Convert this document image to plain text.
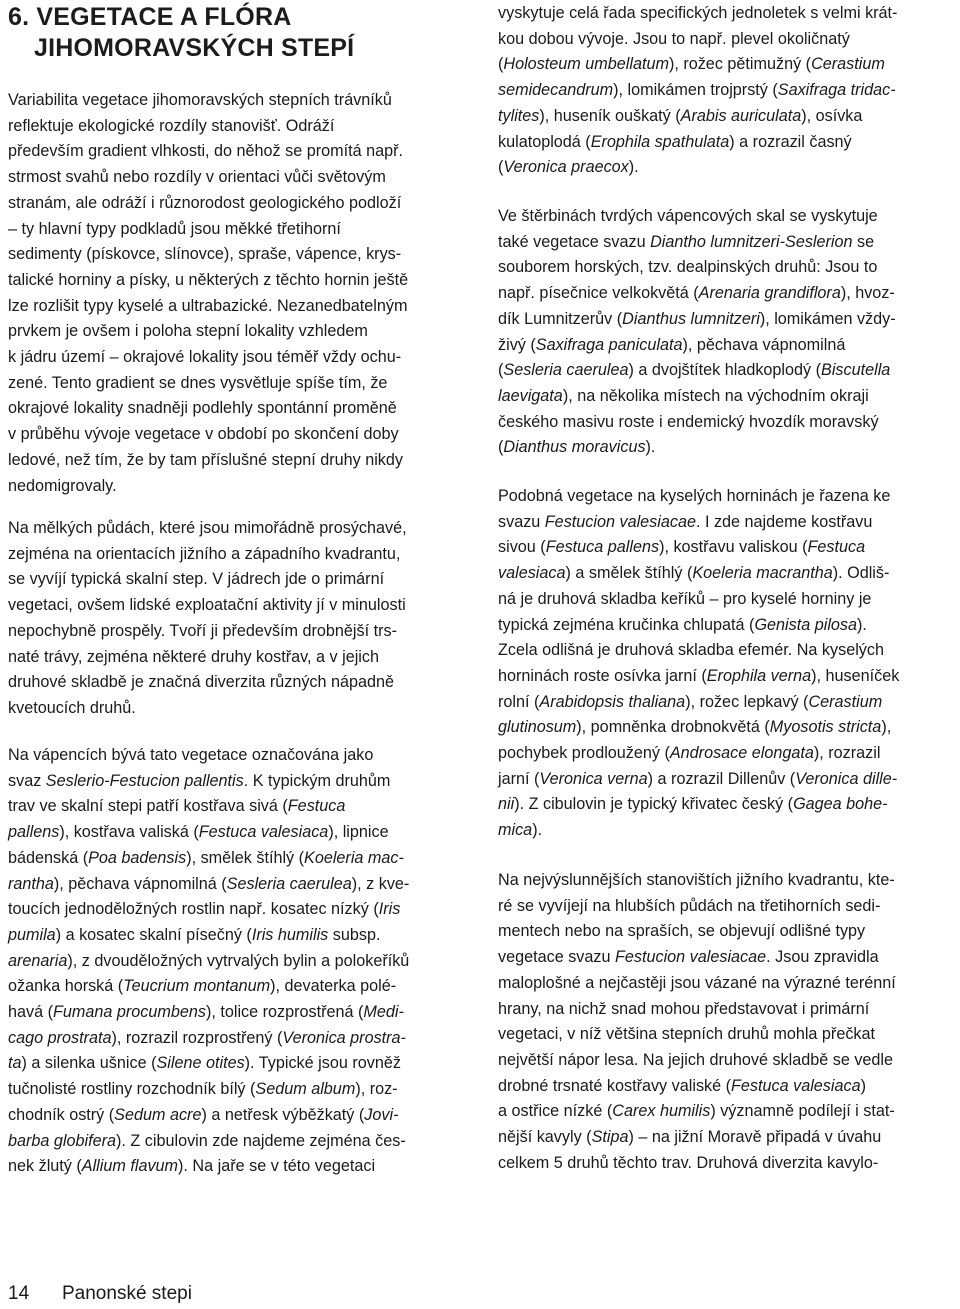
6. VEGETACE A FLÓRA
JIHOMORAVSKÝCH STEPÍ

Variabilita vegetace jihomoravských stepních trávníků
reflektuje ekologické rozdíly stanovišť. Odráží
především gradient vlhkosti, do něhož se promítá např.
strmost svahů nebo rozdíly v orientaci vůči světovým
stranám, ale odráží i různorodost geologického podloží
– ty hlavní typy podkladů jsou měkké třetihorní
sedimenty (pískovce, slínovce), spraše, vápence, krys-
talické horniny a písky, u některých z těchto hornin ještě
lze rozlišit typy kyselé a ultrabazické. Nezanedbatelným
prvkem je ovšem i poloha stepní lokality vzhledem
k jádru území – okrajové lokality jsou téměř vždy ochu-
zené. Tento gradient se dnes vysvětluje spíše tím, že
okrajové lokality snadněji podlehly spontánní proměně
v průběhu vývoje vegetace v období po skončení doby
ledové, než tím, že by tam příslušné stepní druhy nikdy
nedomigrovaly.

Na mělkých půdách, které jsou mimořádně prosýchavé,
zejména na orientacích jižního a západního kvadrantu,
se vyvíjí typická skalní step. V jádrech jde o primární
vegetaci, ovšem lidské exploatační aktivity jí v minulosti
nepochybně prospěly. Tvoří ji především drobnější trs-
naté trávy, zejména některé druhy kostřav, a v jejich
druhové skladbě je značná diverzita různých nápadně
kvetoucích druhů.

Na vápencích bývá tato vegetace označována jako
svaz Seslerio-Festucion pallentis. K typickým druhům
trav ve skalní stepi patří kostřava sivá (Festuca
pallens), kostřava valiská (Festuca valesiaca), lipnice
bádenská (Poa badensis), smělek štíhlý (Koeleria mac-
rantha), pěchava vápnomilná (Sesleria caerulea), z kve-
toucích jednoděložných rostlin např. kosatec nízký (Iris
pumila) a kosatec skalní písečný (Iris humilis subsp.
arenaria), z dvouděložných vytrvalých bylin a polokeříků
ožanka horská (Teucrium montanum), devaterka polé-
havá (Fumana procumbens), tolice rozprostřená (Medi-
cago prostrata), rozrazil rozprostřený (Veronica prostra-
ta) a silenka ušnice (Silene otites). Typické jsou rovněž
tučnolisté rostliny rozchodník bílý (Sedum album), roz-
chodník ostrý (Sedum acre) a netřesk výběžkatý (Jovi-
barba globifera). Z cibulovin zde najdeme zejména čes-
nek žlutý (Allium flavum). Na jaře se v této vegetaci

vyskytuje celá řada specifických jednoletek s velmi krát-
kou dobou vývoje. Jsou to např. plevel okoličnatý
(Holosteum umbellatum), rožec pětimužný (Cerastium
semidecandrum), lomikámen trojprstý (Saxifraga tridac-
tylites), huseník ouškatý (Arabis auriculata), osívka
kulatoplodá (Erophila spathulata) a rozrazil časný
(Veronica praecox).

Ve štěrbinách tvrdých vápencových skal se vyskytuje
také vegetace svazu Diantho lumnitzeri-Seslerion se
souborem horských, tzv. dealpinských druhů: Jsou to
např. písečnice velkokvětá (Arenaria grandiflora), hvoz-
dík Lumnitzerův (Dianthus lumnitzeri), lomikámen vždy-
živý (Saxifraga paniculata), pěchava vápnomilná
(Sesleria caerulea) a dvojštítek hladkoplodý (Biscutella
laevigata), na několika místech na východním okraji
českého masivu roste i endemický hvozdík moravský
(Dianthus moravicus).

Podobná vegetace na kyselých horninách je řazena ke
svazu Festucion valesiacae. I zde najdeme kostřavu
sivou (Festuca pallens), kostřavu valiskou (Festuca
valesiaca) a smělek štíhlý (Koeleria macrantha). Odliš-
ná je druhová skladba keříků – pro kyselé horniny je
typická zejména kručinka chlupatá (Genista pilosa).
Zcela odlišná je druhová skladba efemér. Na kyselých
horninách roste osívka jarní (Erophila verna), huseníček
rolní (Arabidopsis thaliana), rožec lepkavý (Cerastium
glutinosum), pomněnka drobnokvětá (Myosotis stricta),
pochybek prodloužený (Androsace elongata), rozrazil
jarní (Veronica verna) a rozrazil Dillenův (Veronica dille-
nii). Z cibulovin je typický křivatec český (Gagea bohe-
mica).

Na nejvýslunnějších stanovištích jižního kvadrantu, kte-
ré se vyvíjejí na hlubších půdách na třetihorních sedi-
mentech nebo na spraších, se objevují odlišné typy
vegetace svazu Festucion valesiacae. Jsou zpravidla
maloplošné a nejčastěji jsou vázané na výrazné terénní
hrany, na nichž snad mohou představovat i primární
vegetaci, v níž většina stepních druhů mohla přečkat
největší nápor lesa. Na jejich druhové skladbě se vedle
drobné trsnaté kostřavy valiské (Festuca valesiaca)
a ostřice nízké (Carex humilis) významně podílejí i stat-
nější kavyly (Stipa) – na jižní Moravě připadá v úvahu
celkem 5 druhů těchto trav. Druhová diverzita kavylo-

14 Panonské stepi
